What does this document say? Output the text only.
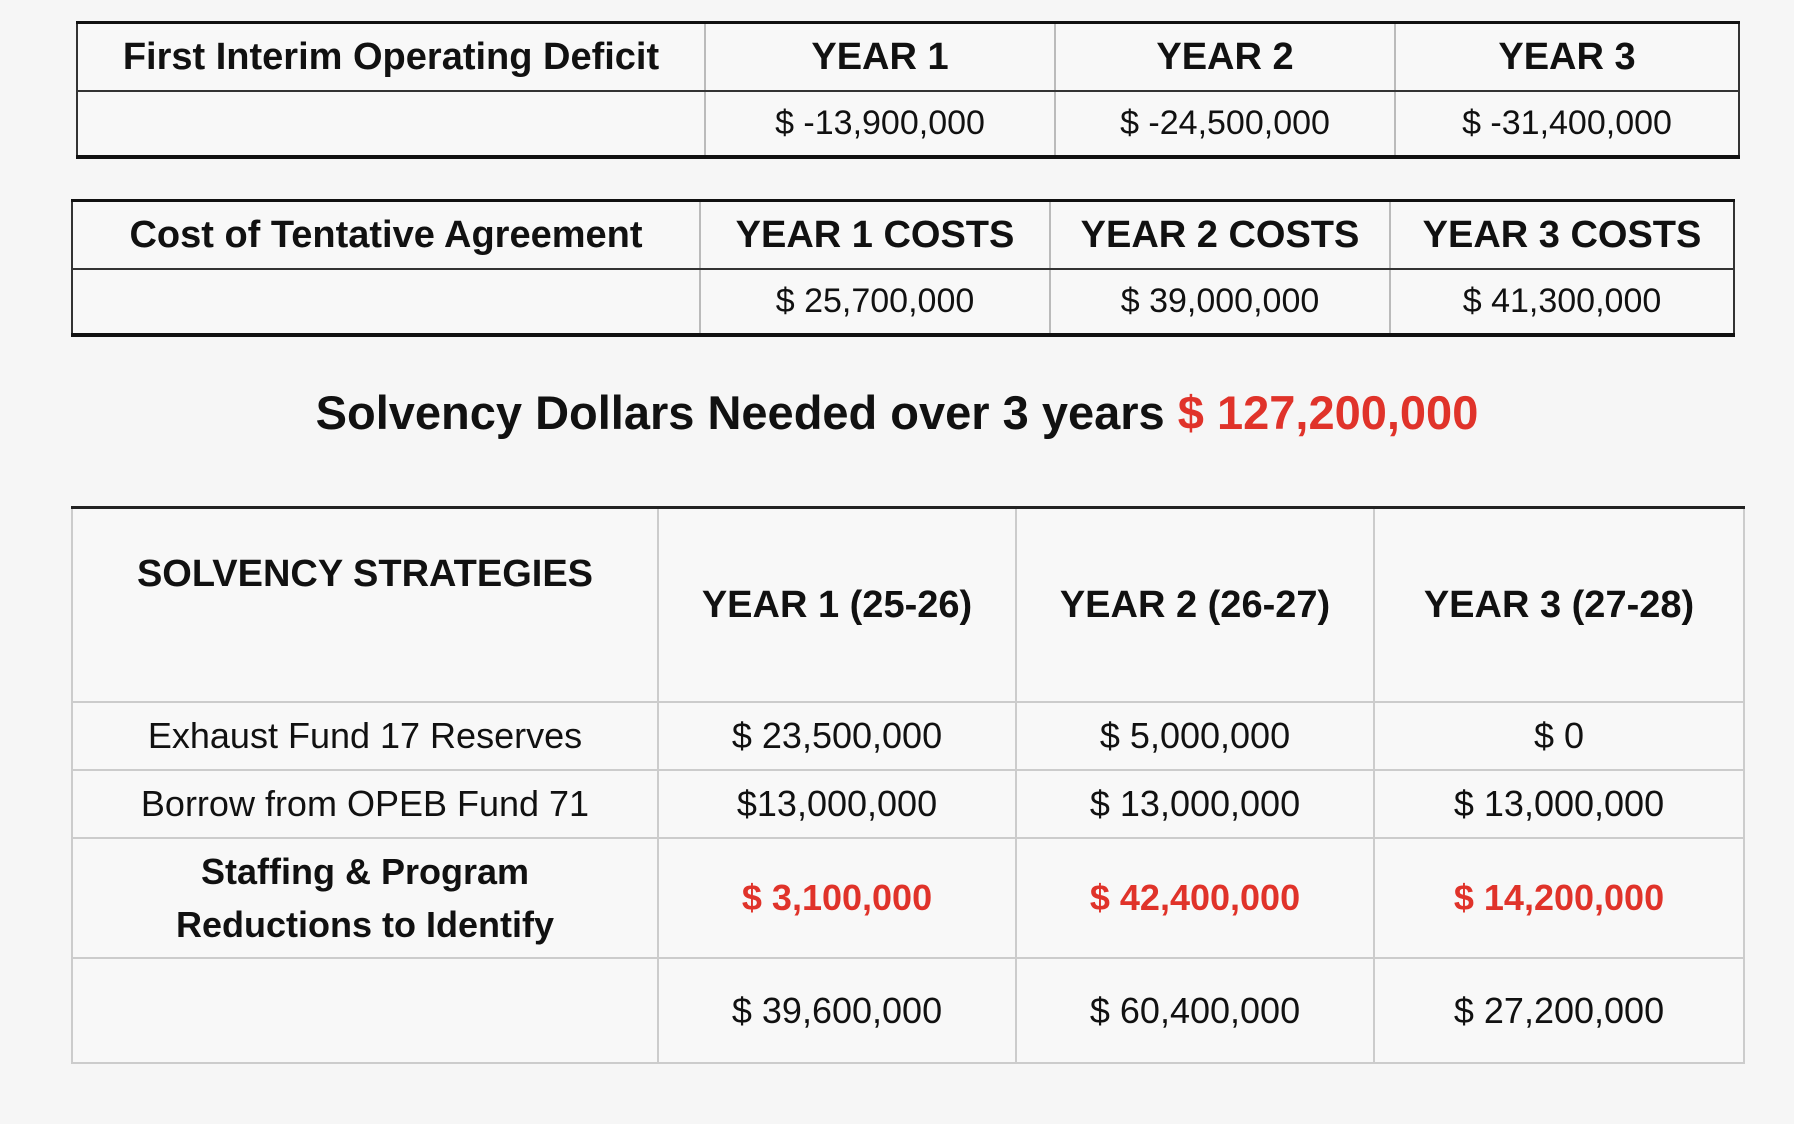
First Interim Operating Deficit	YEAR 1	YEAR 2	YEAR 3
	$ -13,900,000	$ -24,500,000	$ -31,400,000
Cost of Tentative Agreement	YEAR 1 COSTS	YEAR 2 COSTS	YEAR 3 COSTS
	$ 25,700,000	$ 39,000,000	$ 41,300,000
Solvency Dollars Needed over 3 years $ 127,200,000
SOLVENCY STRATEGIES	YEAR 1 (25-26)	YEAR 2 (26-27)	YEAR 3 (27-28)
Exhaust Fund 17 Reserves	$ 23,500,000	$ 5,000,000	$ 0
Borrow from OPEB Fund 71	$13,000,000	$ 13,000,000	$ 13,000,000

Staffing & Program
Reductions to Identify	$ 3,100,000	$ 42,400,000	$ 14,200,000
	$ 39,600,000	$ 60,400,000	$ 27,200,000
